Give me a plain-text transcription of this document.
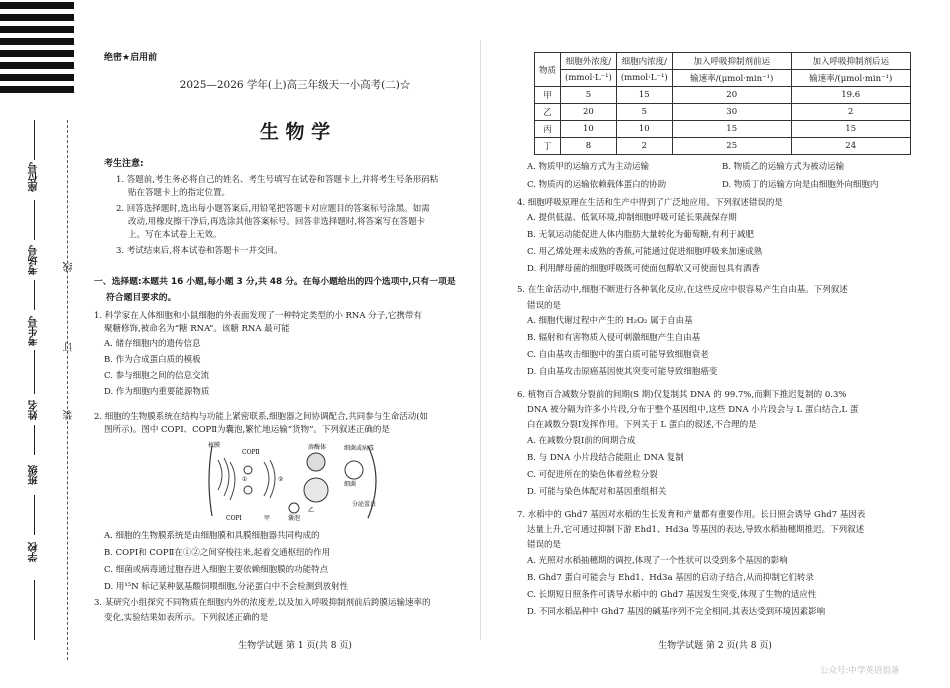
座位号
考场号
考生号
姓名
班级
学校
线
订
装
绝密★启用前
2025—2026 学年(上)高三年级天一小高考(二)☆
生 物 学
考生注意:
1. 答题前,考生务必将自己的姓名、考生号填写在试卷和答题卡上,并将考生号条形码粘
贴在答题卡上的指定位置。
2. 回答选择题时,选出每小题答案后,用铅笔把答题卡对应题目的答案标号涂黑。如需
改动,用橡皮擦干净后,再选涂其他答案标号。回答非选择题时,将答案写在答题卡
上。写在本试卷上无效。
3. 考试结束后,将本试卷和答题卡一并交回。
一、选择题:本题共 16 小题,每小题 3 分,共 48 分。在每小题给出的四个选项中,只有一项是
符合题目要求的。
1. 科学家在人体细胞和小鼠细胞的外表面发现了一种特定类型的小 RNA 分子,它携带有
聚糖修饰,被命名为“糖 RNA”。该糖 RNA 最可能
A. 储存细胞内的遗传信息
B. 作为合成蛋白质的模板
C. 参与细胞之间的信息交流
D. 作为细胞内重要能源物质
2. 细胞的生物膜系统在结构与功能上紧密联系,细胞器之间协调配合,共同参与生命活动(如
图所示)。图中 COPⅠ、COPⅡ为囊泡,繁忙地运输“货物”。下列叙述正确的是
核膜
COPⅡ
溶酶体	细菌或病毒
①	②
COPⅠ	甲
乙
囊泡
细菌
分泌蛋白
A. 细胞的生物膜系统是由细胞膜和具膜细胞器共同构成的
B. COPⅠ和 COPⅡ在①②之间穿梭往来,起着交通枢纽的作用
C. 细菌或病毒通过胞吞进入细胞主要依赖细胞膜的功能特点
D. 用¹⁵N 标记某种氨基酸饲喂细胞,分泌蛋白中不会检测到放射性
3. 某研究小组探究不同物质在细胞内外的浓度差,以及加入呼吸抑制剂前后跨膜运输速率的
变化,实验结果如表所示。下列叙述正确的是
生物学试题 第 1 页(共 8 页)
物质	细胞外浓度/	细胞内浓度/	加入呼吸抑制剂前运	加入呼吸抑制剂后运
	(mmol·L⁻¹)	(mmol·L⁻¹)	输速率/(μmol·min⁻¹)	输速率/(μmol·min⁻¹)
甲	5	15	20	19.6
乙	20	5	30	2
丙	10	10	15	15
丁	8	2	25	24
A. 物质甲的运输方式为主动运输	B. 物质乙的运输方式为被动运输
C. 物质丙的运输依赖载体蛋白的协助	D. 物质丁的运输方向是由细胞外向细胞内
4. 细胞呼吸原理在生活和生产中得到了广泛地应用。下列叙述错误的是
A. 提供低温、低氧环境,抑制细胞呼吸可延长果蔬保存期
B. 无氧运动能促进人体内脂肪大量转化为葡萄糖,有利于减肥
C. 用乙烯处理未成熟的香蕉,可能通过促进细胞呼吸来加速成熟
D. 利用酵母菌的细胞呼吸既可使面包醇软又可使面包具有酒香
5. 在生命活动中,细胞不断进行各种氧化反应,在这些反应中很容易产生自由基。下列叙述
错误的是
A. 细胞代谢过程中产生的 H₂O₂ 属于自由基
B. 辐射和有害物质入侵可刺激细胞产生自由基
C. 自由基攻击细胞中的蛋白质可能导致细胞衰老
D. 自由基攻击原癌基因使其突变可能导致细胞癌变
6. 植物百合减数分裂前的间期(S 期)仅复制其 DNA 的 99.7%,而剩下推迟复制的 0.3%
DNA 被分隔为许多小片段,分布于整个基因组中,这些 DNA 小片段会与 L 蛋白结合,L 蛋
白在减数分裂Ⅰ发挥作用。下列关于 L 蛋白的叙述,不合理的是
A. 在减数分裂Ⅰ前的间期合成
B. 与 DNA 小片段结合能阻止 DNA 复制
C. 可促进所在的染色体着丝粒分裂
D. 可能与染色体配对和基因重组相关
7. 水稻中的 Ghd7 基因对水稻的生长发育和产量都有重要作用。长日照会诱导 Ghd7 基因表
达量上升,它可通过抑制下游 Ehd1、Hd3a 等基因的表达,导致水稻抽穗期推迟。下列叙述
错误的是
A. 光照对水稻抽穗期的调控,体现了一个性状可以受到多个基因的影响
B. Ghd7 蛋白可能会与 Ehd1、Hd3a 基因的启动子结合,从而抑制它们转录
C. 长期短日照条件可诱导水稻中的 Ghd7 基因发生突变,体现了生物的适应性
D. 不同水稻品种中 Ghd7 基因的碱基序列不完全相同,其表达受到环境因素影响
生物学试题 第 2 页(共 8 页)
公众号:中学英语俱备
